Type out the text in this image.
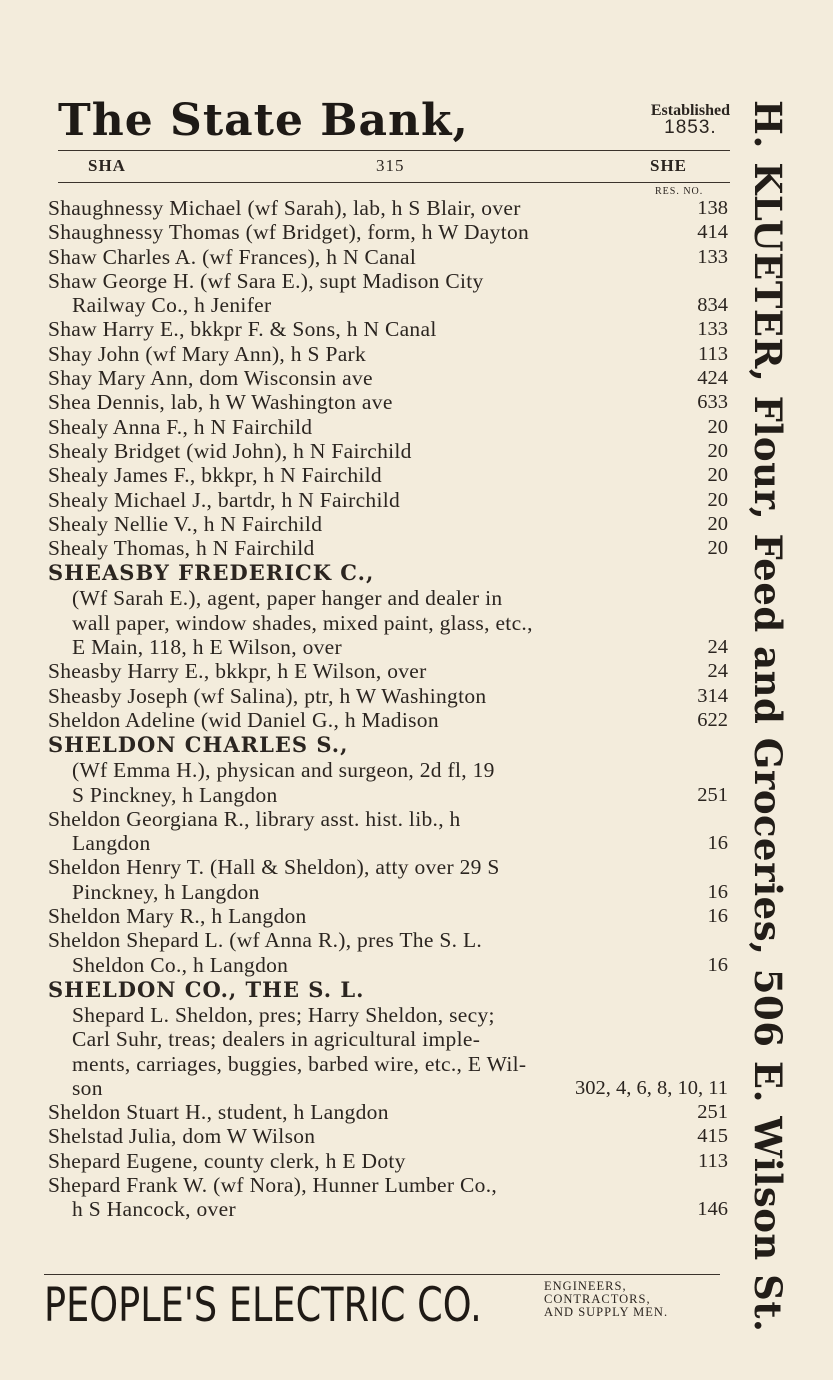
The State Bank,	Established
1853.
SHA	315	SHE
RES. NO.
Shaughnessy Michael (wf Sarah), lab, h S Blair, over	138
Shaughnessy Thomas (wf Bridget), form, h W Dayton	414
Shaw Charles A. (wf Frances), h N Canal	133
Shaw George H. (wf Sara E.), supt Madison City
Railway Co., h Jenifer	834
Shaw Harry E., bkkpr F. & Sons, h N Canal	133
Shay John (wf Mary Ann), h S Park	113
Shay Mary Ann, dom Wisconsin ave	424
Shea Dennis, lab, h W Washington ave	633
Shealy Anna F., h N Fairchild	20
Shealy Bridget (wid John), h N Fairchild	20
Shealy James F., bkkpr, h N Fairchild	20
Shealy Michael J., bartdr, h N Fairchild	20
Shealy Nellie V., h N Fairchild	20
Shealy Thomas, h N Fairchild	20
SHEASBY FREDERICK C.,
(Wf Sarah E.), agent, paper hanger and dealer in
wall paper, window shades, mixed paint, glass, etc.,
E Main, 118, h E Wilson, over	24
Sheasby Harry E., bkkpr, h E Wilson, over	24
Sheasby Joseph (wf Salina), ptr, h W Washington	314
Sheldon Adeline (wid Daniel G., h Madison	622
SHELDON CHARLES S.,
(Wf Emma H.), physican and surgeon, 2d fl, 19
S Pinckney, h Langdon	251
Sheldon Georgiana R., library asst. hist. lib., h
Langdon	16
Sheldon Henry T. (Hall & Sheldon), atty over 29 S
Pinckney, h Langdon	16
Sheldon Mary R., h Langdon	16
Sheldon Shepard L. (wf Anna R.), pres The S. L.
Sheldon Co., h Langdon	16
SHELDON CO., THE S. L.
Shepard L. Sheldon, pres; Harry Sheldon, secy;
Carl Suhr, treas; dealers in agricultural imple-
ments, carriages, buggies, barbed wire, etc., E Wil-
son	302, 4, 6, 8, 10, 11
Sheldon Stuart H., student, h Langdon	251
Shelstad Julia, dom W Wilson	415
Shepard Eugene, county clerk, h E Doty	113
Shepard Frank W. (wf Nora), Hunner Lumber Co.,
h S Hancock, over	146 H. KLUETER, Flour, Feed and Groceries, 506 E. Wilson St.
PEOPLE'S ELECTRIC CO.	ENGINEERS,
CONTRACTORS,
AND SUPPLY MEN.
